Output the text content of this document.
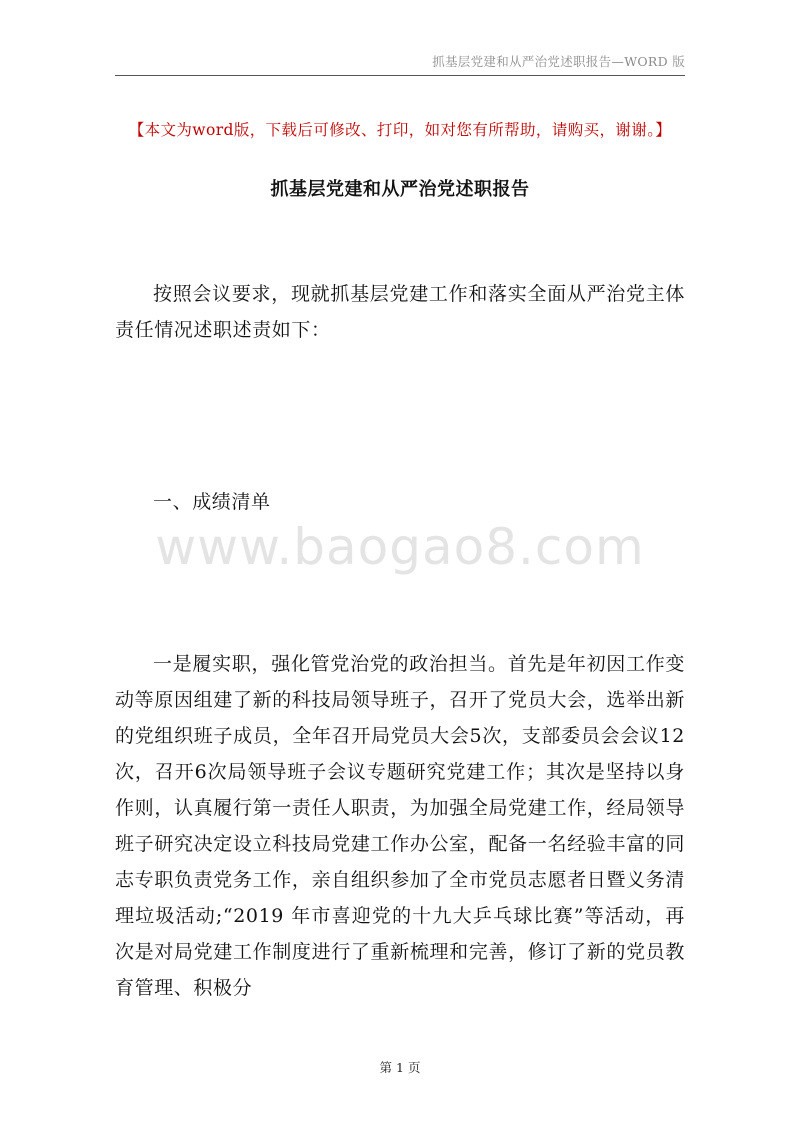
抓基层党建和从严治党述职报告—WORD 版
【本文为word版，下载后可修改、打印，如对您有所帮助，请购买，谢谢。】
抓基层党建和从严治党述职报告

按照会议要求，现就抓基层党建工作和落实全面从严治党主体责任情况述职述责如下：

一、成绩清单

www.baogao8.com

一是履实职，强化管党治党的政治担当。首先是年初因工作变动等原因组建了新的科技局领导班子，召开了党员大会，选举出新的党组织班子成员，全年召开局党员大会5次，支部委员会会议12次，召开6次局领导班子会议专题研究党建工作；其次是坚持以身作则，认真履行第一责任人职责，为加强全局党建工作，经局领导班子研究决定设立科技局党建工作办公室，配备一名经验丰富的同志专职负责党务工作，亲自组织参加了全市党员志愿者日暨义务清理垃圾活动;“2019 年市喜迎党的十九大乒乓球比赛”等活动，再次是对局党建工作制度进行了重新梳理和完善，修订了新的党员教育管理、积极分

第 1 页
